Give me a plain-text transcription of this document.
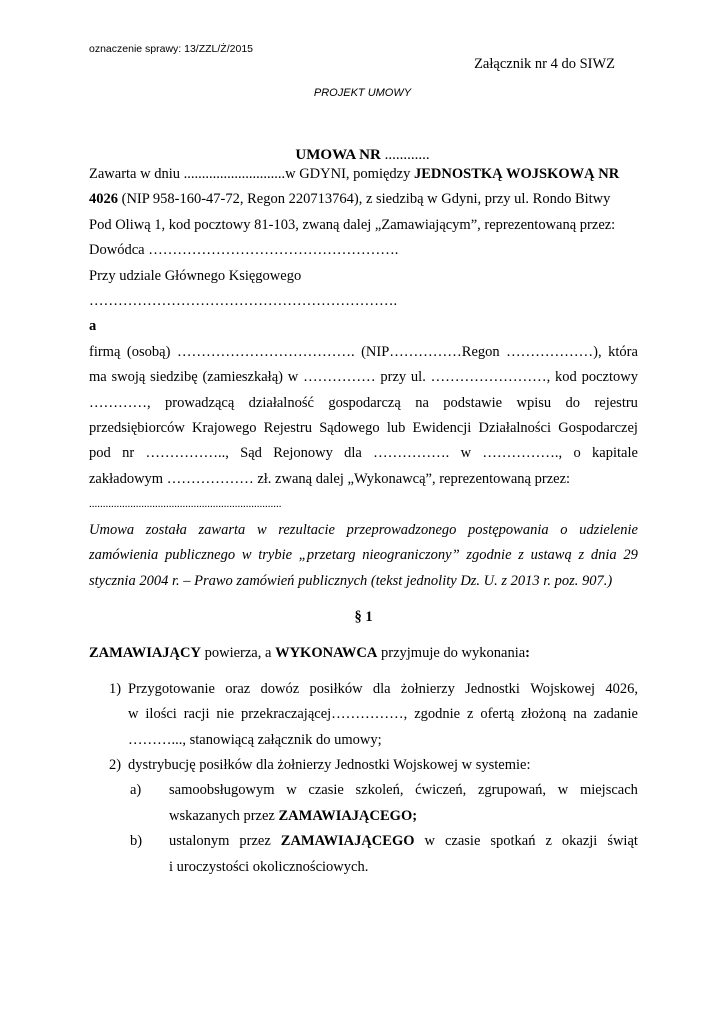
oznaczenie sprawy: 13/ZZL/Ż/2015
Załącznik nr 4 do SIWZ
PROJEKT UMOWY
UMOWA NR ............
Zawarta w dniu ............................w GDYNI, pomiędzy JEDNOSTKĄ WOJSKOWĄ NR
4026 (NIP 958-160-47-72, Regon 220713764), z siedzibą w Gdyni, przy ul. Rondo Bitwy
Pod Oliwą 1, kod pocztowy 81-103, zwaną dalej „Zamawiającym”, reprezentowaną przez:
Dowódca …………………………………………….
Przy udziale Głównego Księgowego
……………………………………………………….
a
firmą (osobą) ………………………………. (NIP……………Regon ………………), która
ma swoją siedzibę (zamieszkałą) w …………… przy ul. ……………………, kod pocztowy
…………, prowadzącą działalność gospodarczą na podstawie wpisu do rejestru
przedsiębiorców Krajowego Rejestru Sądowego lub Ewidencji Działalności Gospodarczej
pod nr …………….., Sąd Rejonowy dla ……………. w ……………., o kapitale
zakładowym ……………… zł. zwaną dalej „Wykonawcą”, reprezentowaną przez:
......................................................................
Umowa została zawarta w rezultacie przeprowadzonego postępowania o udzielenie
zamówienia publicznego w trybie „przetarg nieograniczony” zgodnie z ustawą z dnia 29
stycznia 2004 r. – Prawo zamówień publicznych (tekst jednolity Dz. U. z 2013 r. poz. 907.)
§ 1
ZAMAWIAJĄCY powierza, a WYKONAWCA przyjmuje do wykonania:
1) Przygotowanie oraz dowóz posiłków dla żołnierzy Jednostki Wojskowej 4026,
w ilości racji nie przekraczającej……………, zgodnie z ofertą złożoną na zadanie
………..., stanowiącą załącznik do umowy;
2) dystrybucję posiłków dla żołnierzy Jednostki Wojskowej w systemie:
a)	samoobsługowym w czasie szkoleń, ćwiczeń, zgrupowań, w miejscach
wskazanych przez ZAMAWIAJĄCEGO;
b)	ustalonym przez ZAMAWIAJĄCEGO w czasie spotkań z okazji świąt
i uroczystości okolicznościowych.
